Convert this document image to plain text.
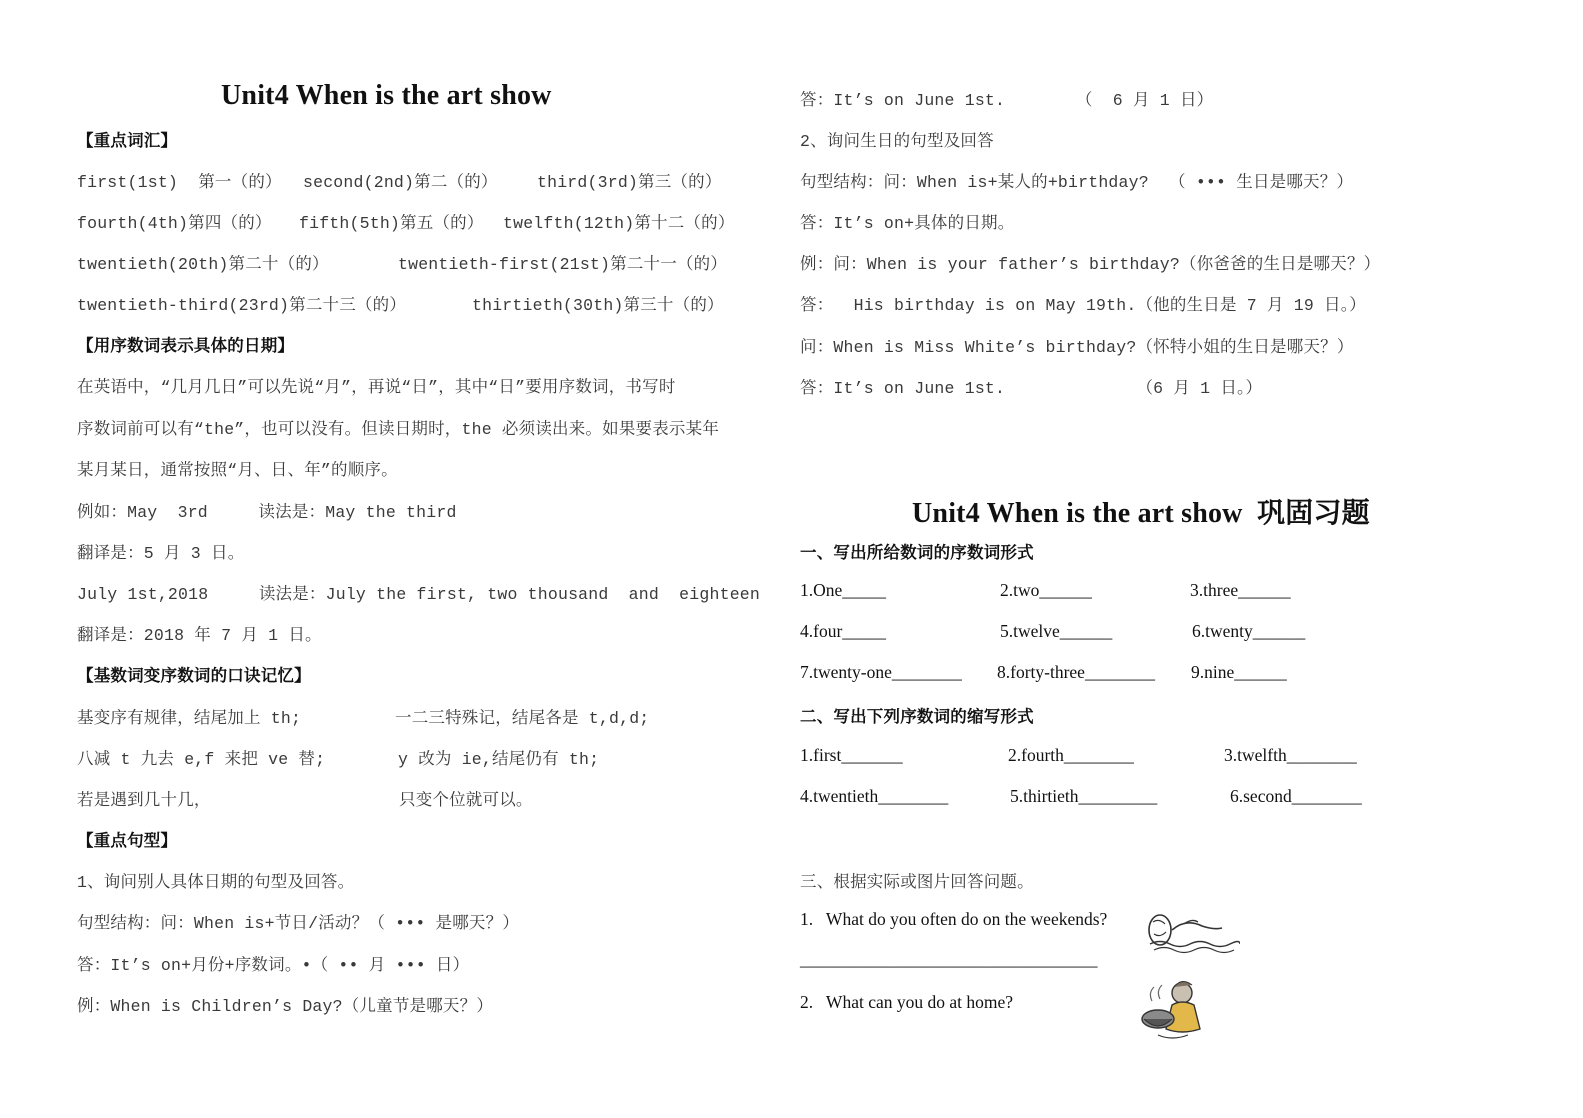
Unit4 When is the art show
【重点词汇】
first(1st)  第一（的） second(2nd)第二（的） third(3rd)第三（的）
fourth(4th)第四（的） fifth(5th)第五（的） twelfth(12th)第十二（的）
twentieth(20th)第二十（的）	twentieth-first(21st)第二十一（的）
twentieth-third(23rd)第二十三（的）	thirtieth(30th)第三十（的）
【用序数词表示具体的日期】
在英语中，“几月几日”可以先说“月”，再说“日”，其中“日”要用序数词，书写时
序数词前可以有“the”，也可以没有。但读日期时，the 必须读出来。如果要表示某年
某月某日，通常按照“月、日、年”的顺序。
例如：May  3rd     读法是：May the third
翻译是：5 月 3 日。
July 1st,2018     读法是：July the first, two thousand  and  eighteen
翻译是：2018 年 7 月 1 日。
【基数词变序数词的口诀记忆】
基变序有规律，结尾加上 th;	一二三特殊记，结尾各是 t,d,d;
八减 t 九去 e,f 来把 ve 替;	y 改为 ie,结尾仍有 th;
若是遇到几十几，	只变个位就可以。
【重点句型】
1、询问别人具体日期的句型及回答。
句型结构：问：When is+节日/活动？（ ••• 是哪天？）
答：It’s on+月份+序数词。•（ •• 月 ••• 日）
例：When is Children’s Day?（儿童节是哪天？）
答：It’s on June 1st.       （  6 月 1 日）
2、询问生日的句型及回答
句型结构：问：When is+某人的+birthday?  （ ••• 生日是哪天？）
答：It’s on+具体的日期。
例：问：When is your father’s birthday?（你爸爸的生日是哪天？）
答：  His birthday is on May 19th.（他的生日是 7 月 19 日。）
问：When is Miss White’s birthday?（怀特小姐的生日是哪天？）
答：It’s on June 1st.             （6 月 1 日。）
Unit4 When is the art show  巩固习题
一、写出所给数词的序数词形式
1.One_____	2.two______	3.three______
4.four_____	5.twelve______	6.twenty______
7.twenty-one________ 8.forty-three________ 9.nine______
二、写出下列序数词的缩写形式
1.first_______	2.fourth________	3.twelfth________
4.twentieth________	5.thirtieth_________	6.second________
三、根据实际或图片回答问题。
1.   What do you often do on the weekends?
__________________________________
2.   What can you do at home?
